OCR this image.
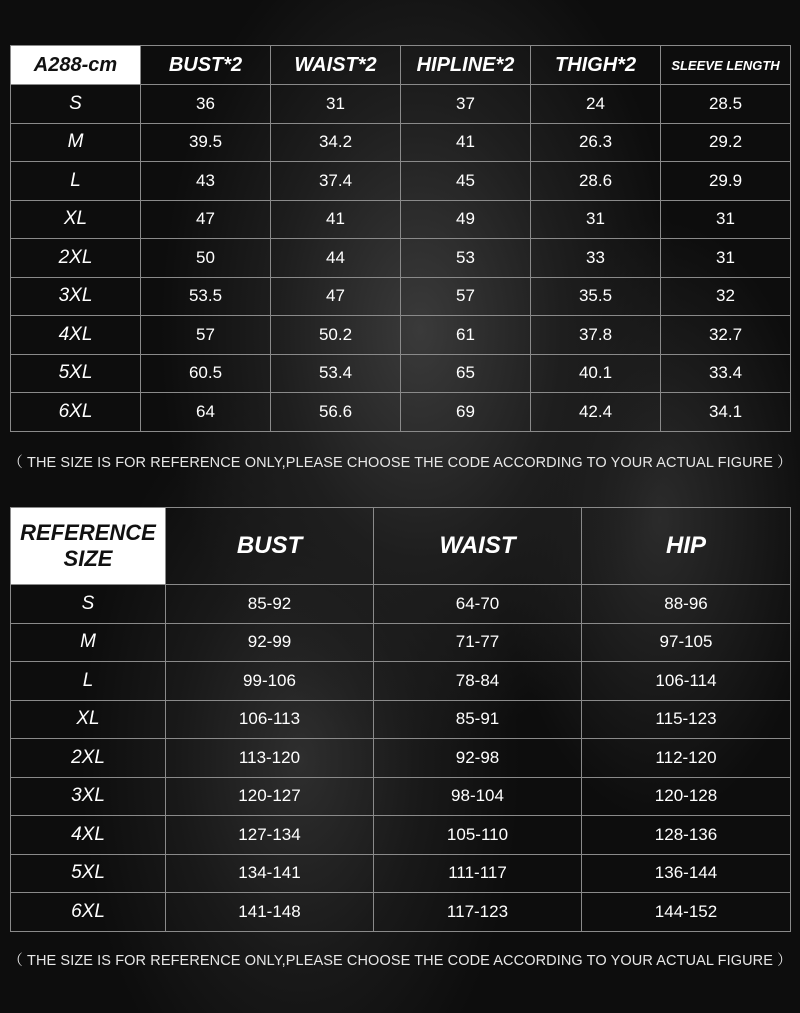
A288-cm	BUST*2	WAIST*2	HIPLINE*2	THIGH*2	SLEEVE LENGTH
S	36	31	37	24	28.5
M	39.5	34.2	41	26.3	29.2
L	43	37.4	45	28.6	29.9
XL	47	41	49	31	31
2XL	50	44	53	33	31
3XL	53.5	47	57	35.5	32
4XL	57	50.2	61	37.8	32.7
5XL	60.5	53.4	65	40.1	33.4
6XL	64	56.6	69	42.4	34.1
（ THE SIZE IS FOR REFERENCE ONLY,PLEASE CHOOSE THE CODE ACCORDING TO YOUR ACTUAL FIGURE ）
REFERENCE SIZE	BUST	WAIST	HIP
S	85-92	64-70	88-96
M	92-99	71-77	97-105
L	99-106	78-84	106-114
XL	106-113	85-91	115-123
2XL	113-120	92-98	112-120
3XL	120-127	98-104	120-128
4XL	127-134	105-110	128-136
5XL	134-141	111-117	136-144
6XL	141-148	117-123	144-152
（ THE SIZE IS FOR REFERENCE ONLY,PLEASE CHOOSE THE CODE ACCORDING TO YOUR ACTUAL FIGURE ）
